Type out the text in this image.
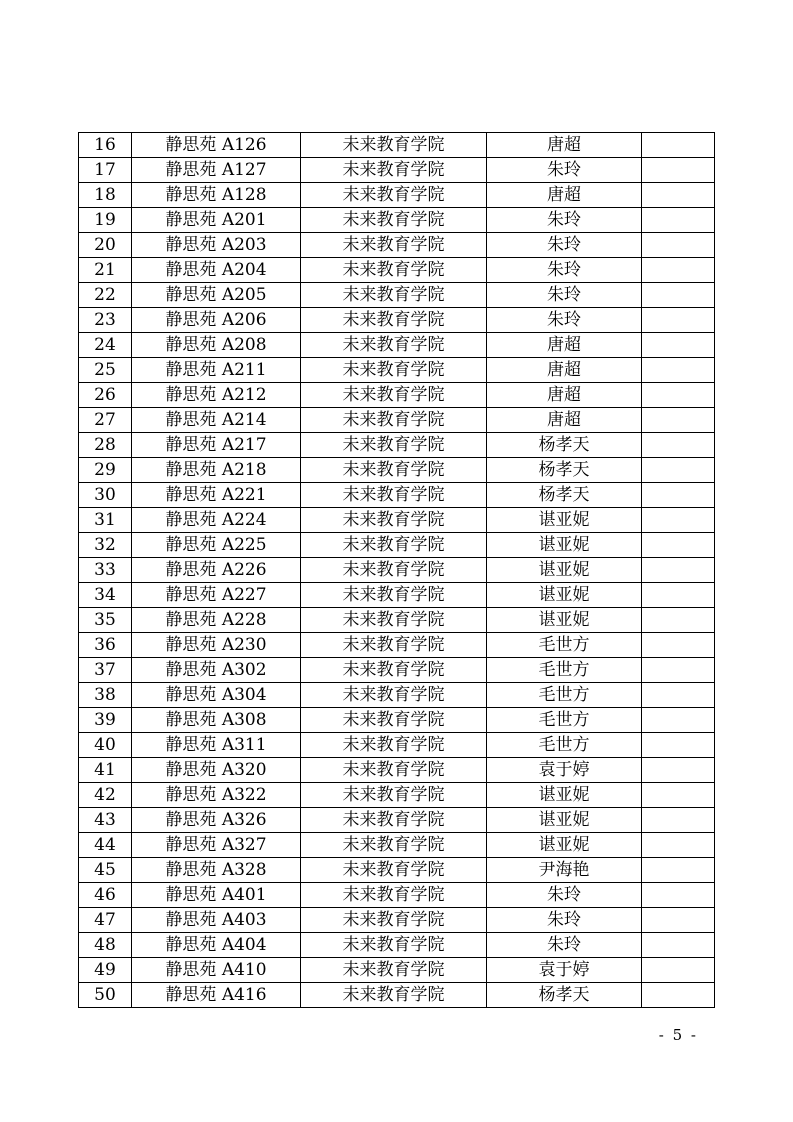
16	静思苑 A126	未来教育学院	唐超	
17	静思苑 A127	未来教育学院	朱玲	
18	静思苑 A128	未来教育学院	唐超	
19	静思苑 A201	未来教育学院	朱玲	
20	静思苑 A203	未来教育学院	朱玲	
21	静思苑 A204	未来教育学院	朱玲	
22	静思苑 A205	未来教育学院	朱玲	
23	静思苑 A206	未来教育学院	朱玲	
24	静思苑 A208	未来教育学院	唐超	
25	静思苑 A211	未来教育学院	唐超	
26	静思苑 A212	未来教育学院	唐超	
27	静思苑 A214	未来教育学院	唐超	
28	静思苑 A217	未来教育学院	杨孝天	
29	静思苑 A218	未来教育学院	杨孝天	
30	静思苑 A221	未来教育学院	杨孝天	
31	静思苑 A224	未来教育学院	谌亚妮	
32	静思苑 A225	未来教育学院	谌亚妮	
33	静思苑 A226	未来教育学院	谌亚妮	
34	静思苑 A227	未来教育学院	谌亚妮	
35	静思苑 A228	未来教育学院	谌亚妮	
36	静思苑 A230	未来教育学院	毛世方	
37	静思苑 A302	未来教育学院	毛世方	
38	静思苑 A304	未来教育学院	毛世方	
39	静思苑 A308	未来教育学院	毛世方	
40	静思苑 A311	未来教育学院	毛世方	
41	静思苑 A320	未来教育学院	袁于婷	
42	静思苑 A322	未来教育学院	谌亚妮	
43	静思苑 A326	未来教育学院	谌亚妮	
44	静思苑 A327	未来教育学院	谌亚妮	
45	静思苑 A328	未来教育学院	尹海艳	
46	静思苑 A401	未来教育学院	朱玲	
47	静思苑 A403	未来教育学院	朱玲	
48	静思苑 A404	未来教育学院	朱玲	
49	静思苑 A410	未来教育学院	袁于婷	
50	静思苑 A416	未来教育学院	杨孝天	
- 5 -
